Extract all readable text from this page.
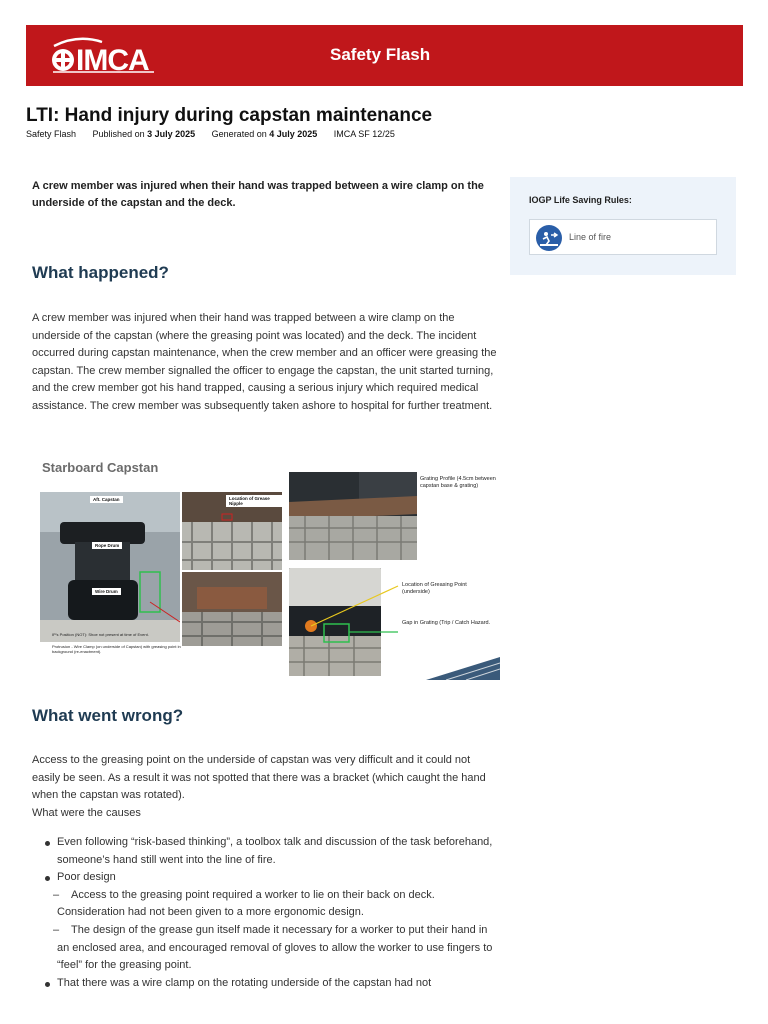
IMCA	Safety Flash
LTI: Hand injury during capstan maintenance
Safety Flash Published on 3 July 2025 Generated on 4 July 2025 IMCA SF 12/25

A crew member was injured when their hand was trapped between a wire clamp on the underside of the capstan and the deck.	IOGP Life Saving Rules:
Line of fire
What happened?

A crew member was injured when their hand was trapped between a wire clamp on the underside of the capstan (where the greasing point was located) and the deck. The incident occurred during capstan maintenance, when the crew member and an officer were greasing the capstan. The crew member signalled the officer to engage the capstan, the unit started turning, and the crew member got his hand trapped, causing a serious injury which required medical assistance. The crew member was subsequently taken ashore to hospital for further treatment.

Starboard Capstan
Aft. Capstan
Rope Drum
Wire Drum
IP's Position (NOT): Shoe not present at time of Event.
Protrusion - Wire Clamp (on underside of Capstan) with greasing point in background (re-enactment).
Location of Grease Nipple
Grating Profile (4.5cm between capstan base & grating)
Location of Greasing Point (underside)
Gap in Grating (Trip / Catch Hazard.
What went wrong?

Access to the greasing point on the underside of capstan was very difficult and it could not easily be seen. As a result it was not spotted that there was a bracket (which caught the hand when the capstan was rotated).

What were the causes

Even following “risk-based thinking”, a toolbox talk and discussion of the task beforehand, someone’s hand still went into the line of fire.
Poor design
–	Access to the greasing point required a worker to lie on their back on deck. Consideration had not been given to a more ergonomic design.
–	The design of the grease gun itself made it necessary for a worker to put their hand in an enclosed area, and encouraged removal of gloves to allow the worker to use fingers to “feel” for the greasing point.
That there was a wire clamp on the rotating underside of the capstan had not
